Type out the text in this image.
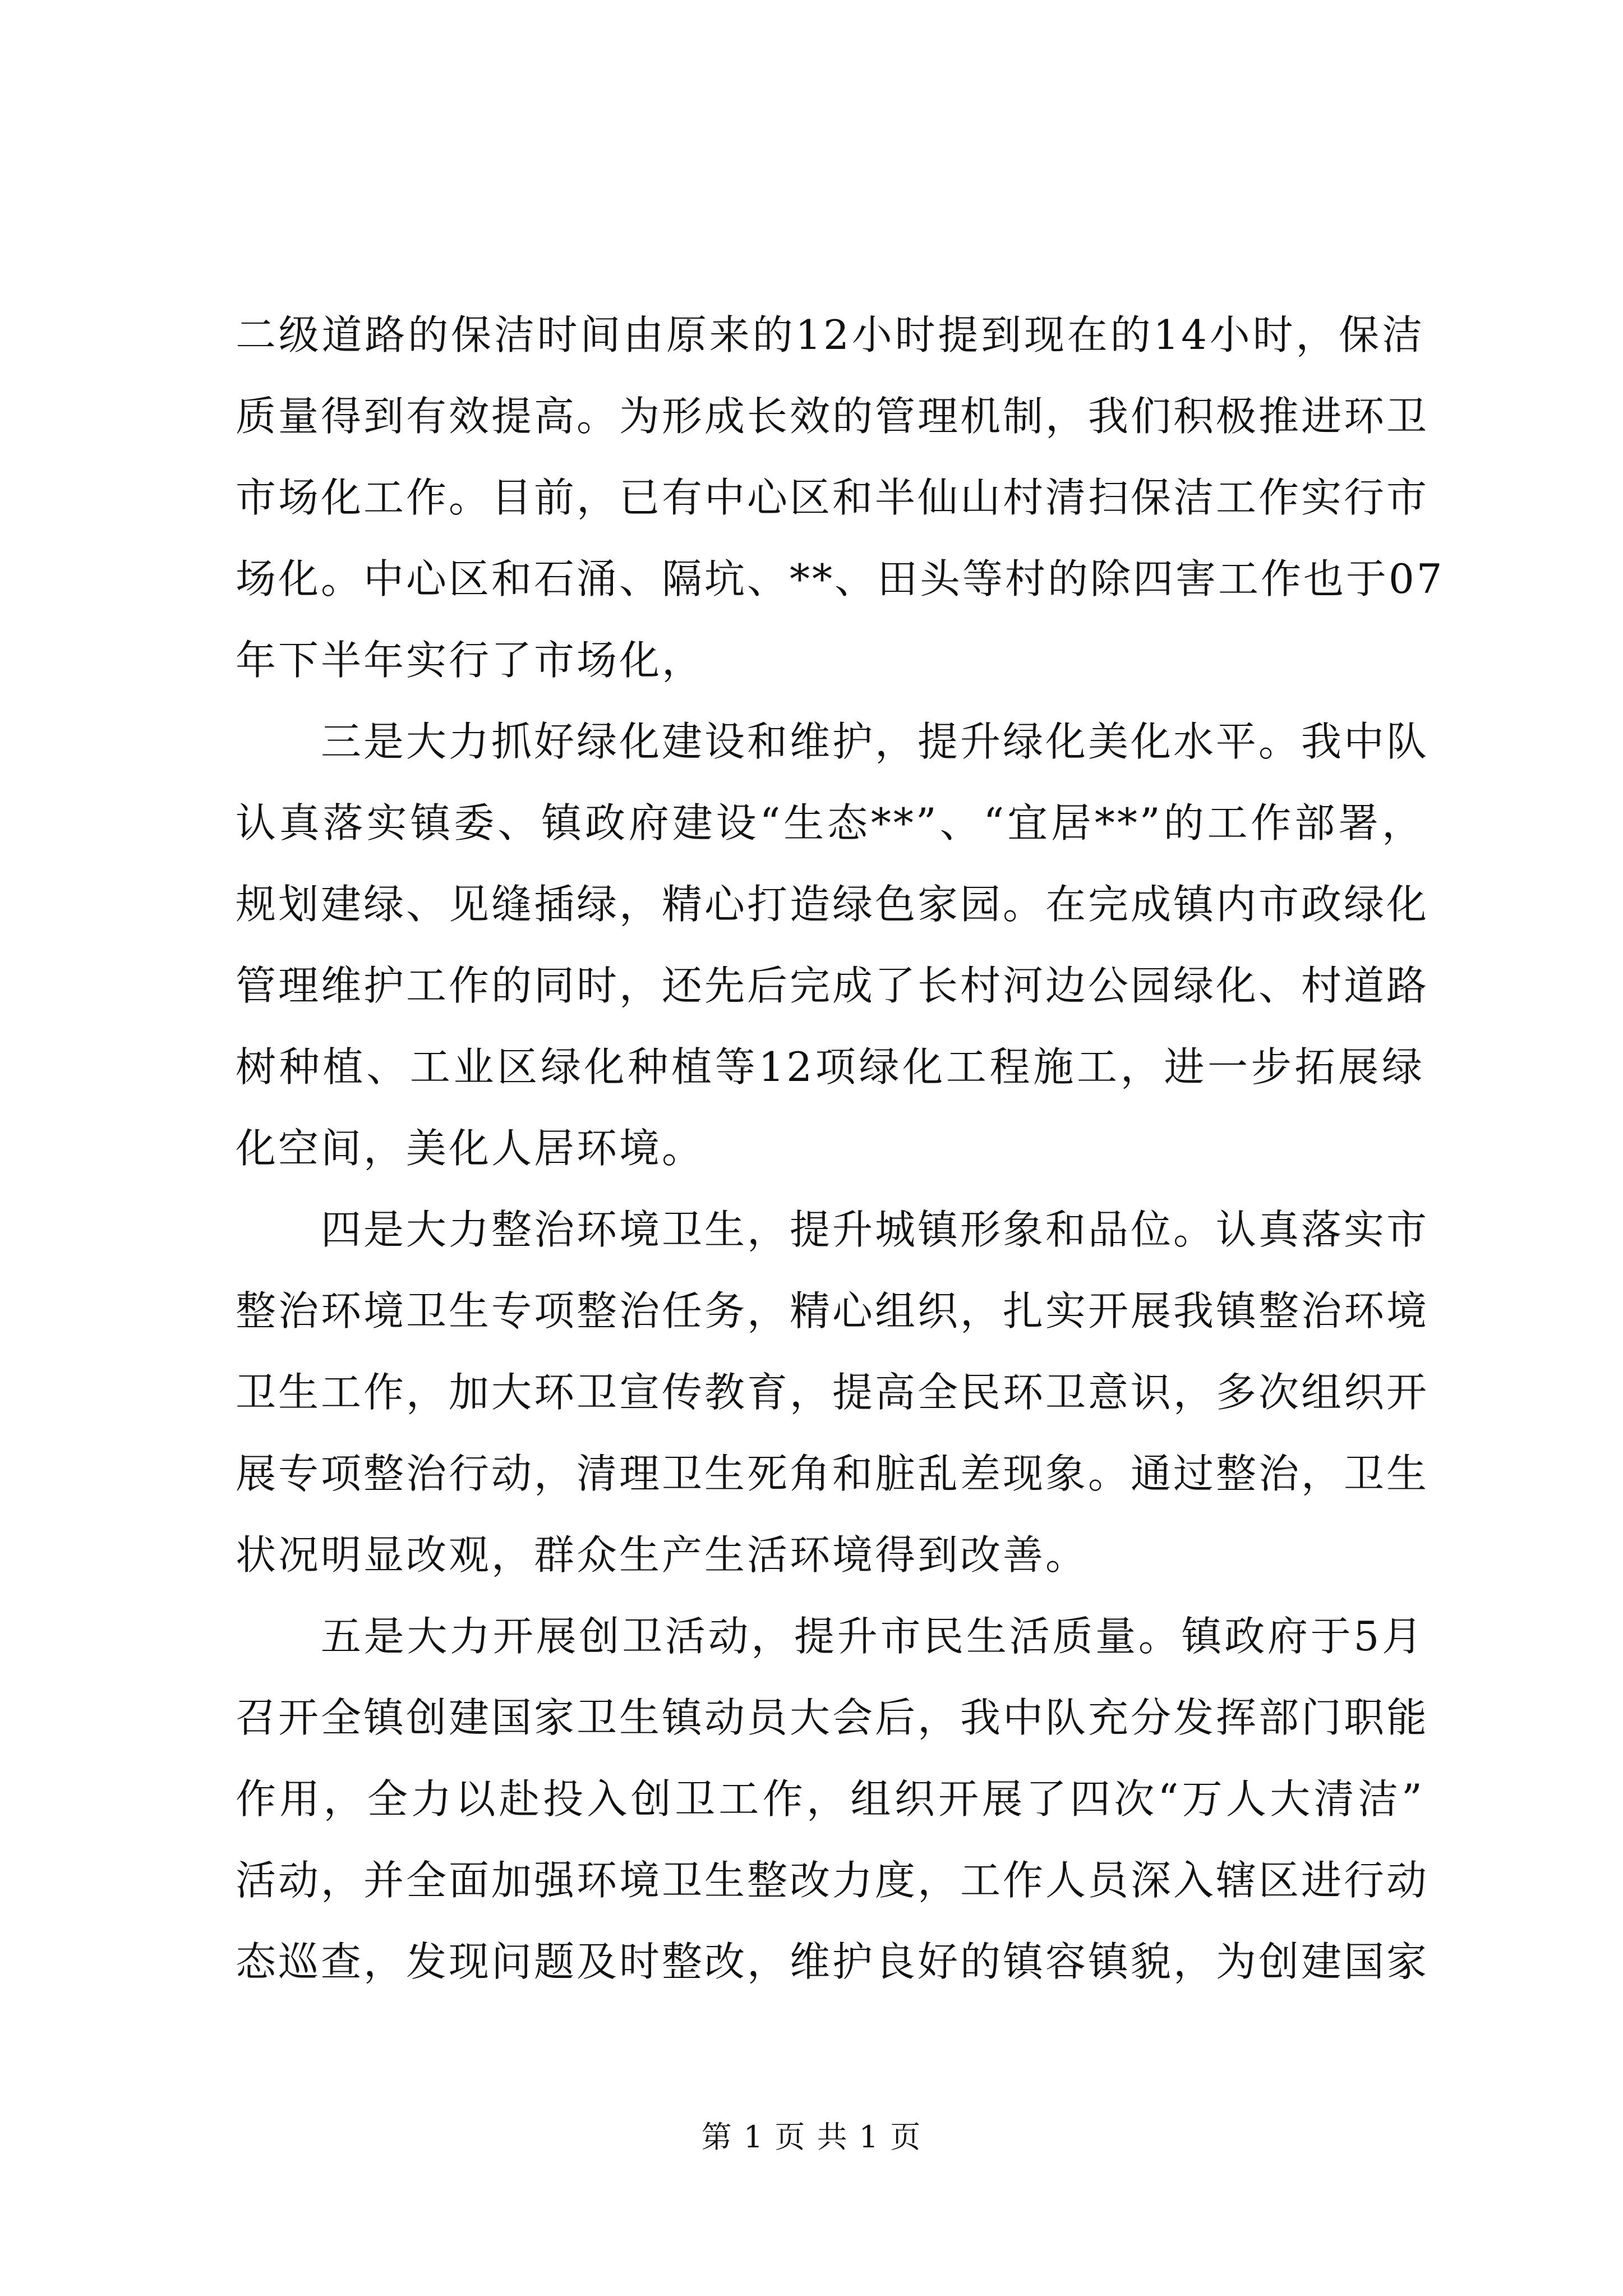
二级道路的保洁时间由原来的12小时提到现在的14小时，保洁
质量得到有效提高。为形成长效的管理机制，我们积极推进环卫
市场化工作。目前，已有中心区和半仙山村清扫保洁工作实行市
场化。中心区和石涌、隔坑、**、田头等村的除四害工作也于07
年下半年实行了市场化，
三是大力抓好绿化建设和维护，提升绿化美化水平。我中队
认真落实镇委、镇政府建设“生态**”、“宜居**”的工作部署，
规划建绿、见缝插绿，精心打造绿色家园。在完成镇内市政绿化
管理维护工作的同时，还先后完成了长村河边公园绿化、村道路
树种植、工业区绿化种植等12项绿化工程施工，进一步拓展绿
化空间，美化人居环境。
四是大力整治环境卫生，提升城镇形象和品位。认真落实市
整治环境卫生专项整治任务，精心组织，扎实开展我镇整治环境
卫生工作，加大环卫宣传教育，提高全民环卫意识，多次组织开
展专项整治行动，清理卫生死角和脏乱差现象。通过整治，卫生
状况明显改观，群众生产生活环境得到改善。
五是大力开展创卫活动，提升市民生活质量。镇政府于5月
召开全镇创建国家卫生镇动员大会后，我中队充分发挥部门职能
作用，全力以赴投入创卫工作，组织开展了四次“万人大清洁”
活动，并全面加强环境卫生整改力度，工作人员深入辖区进行动
态巡查，发现问题及时整改，维护良好的镇容镇貌，为创建国家
第 1 页 共 1 页
